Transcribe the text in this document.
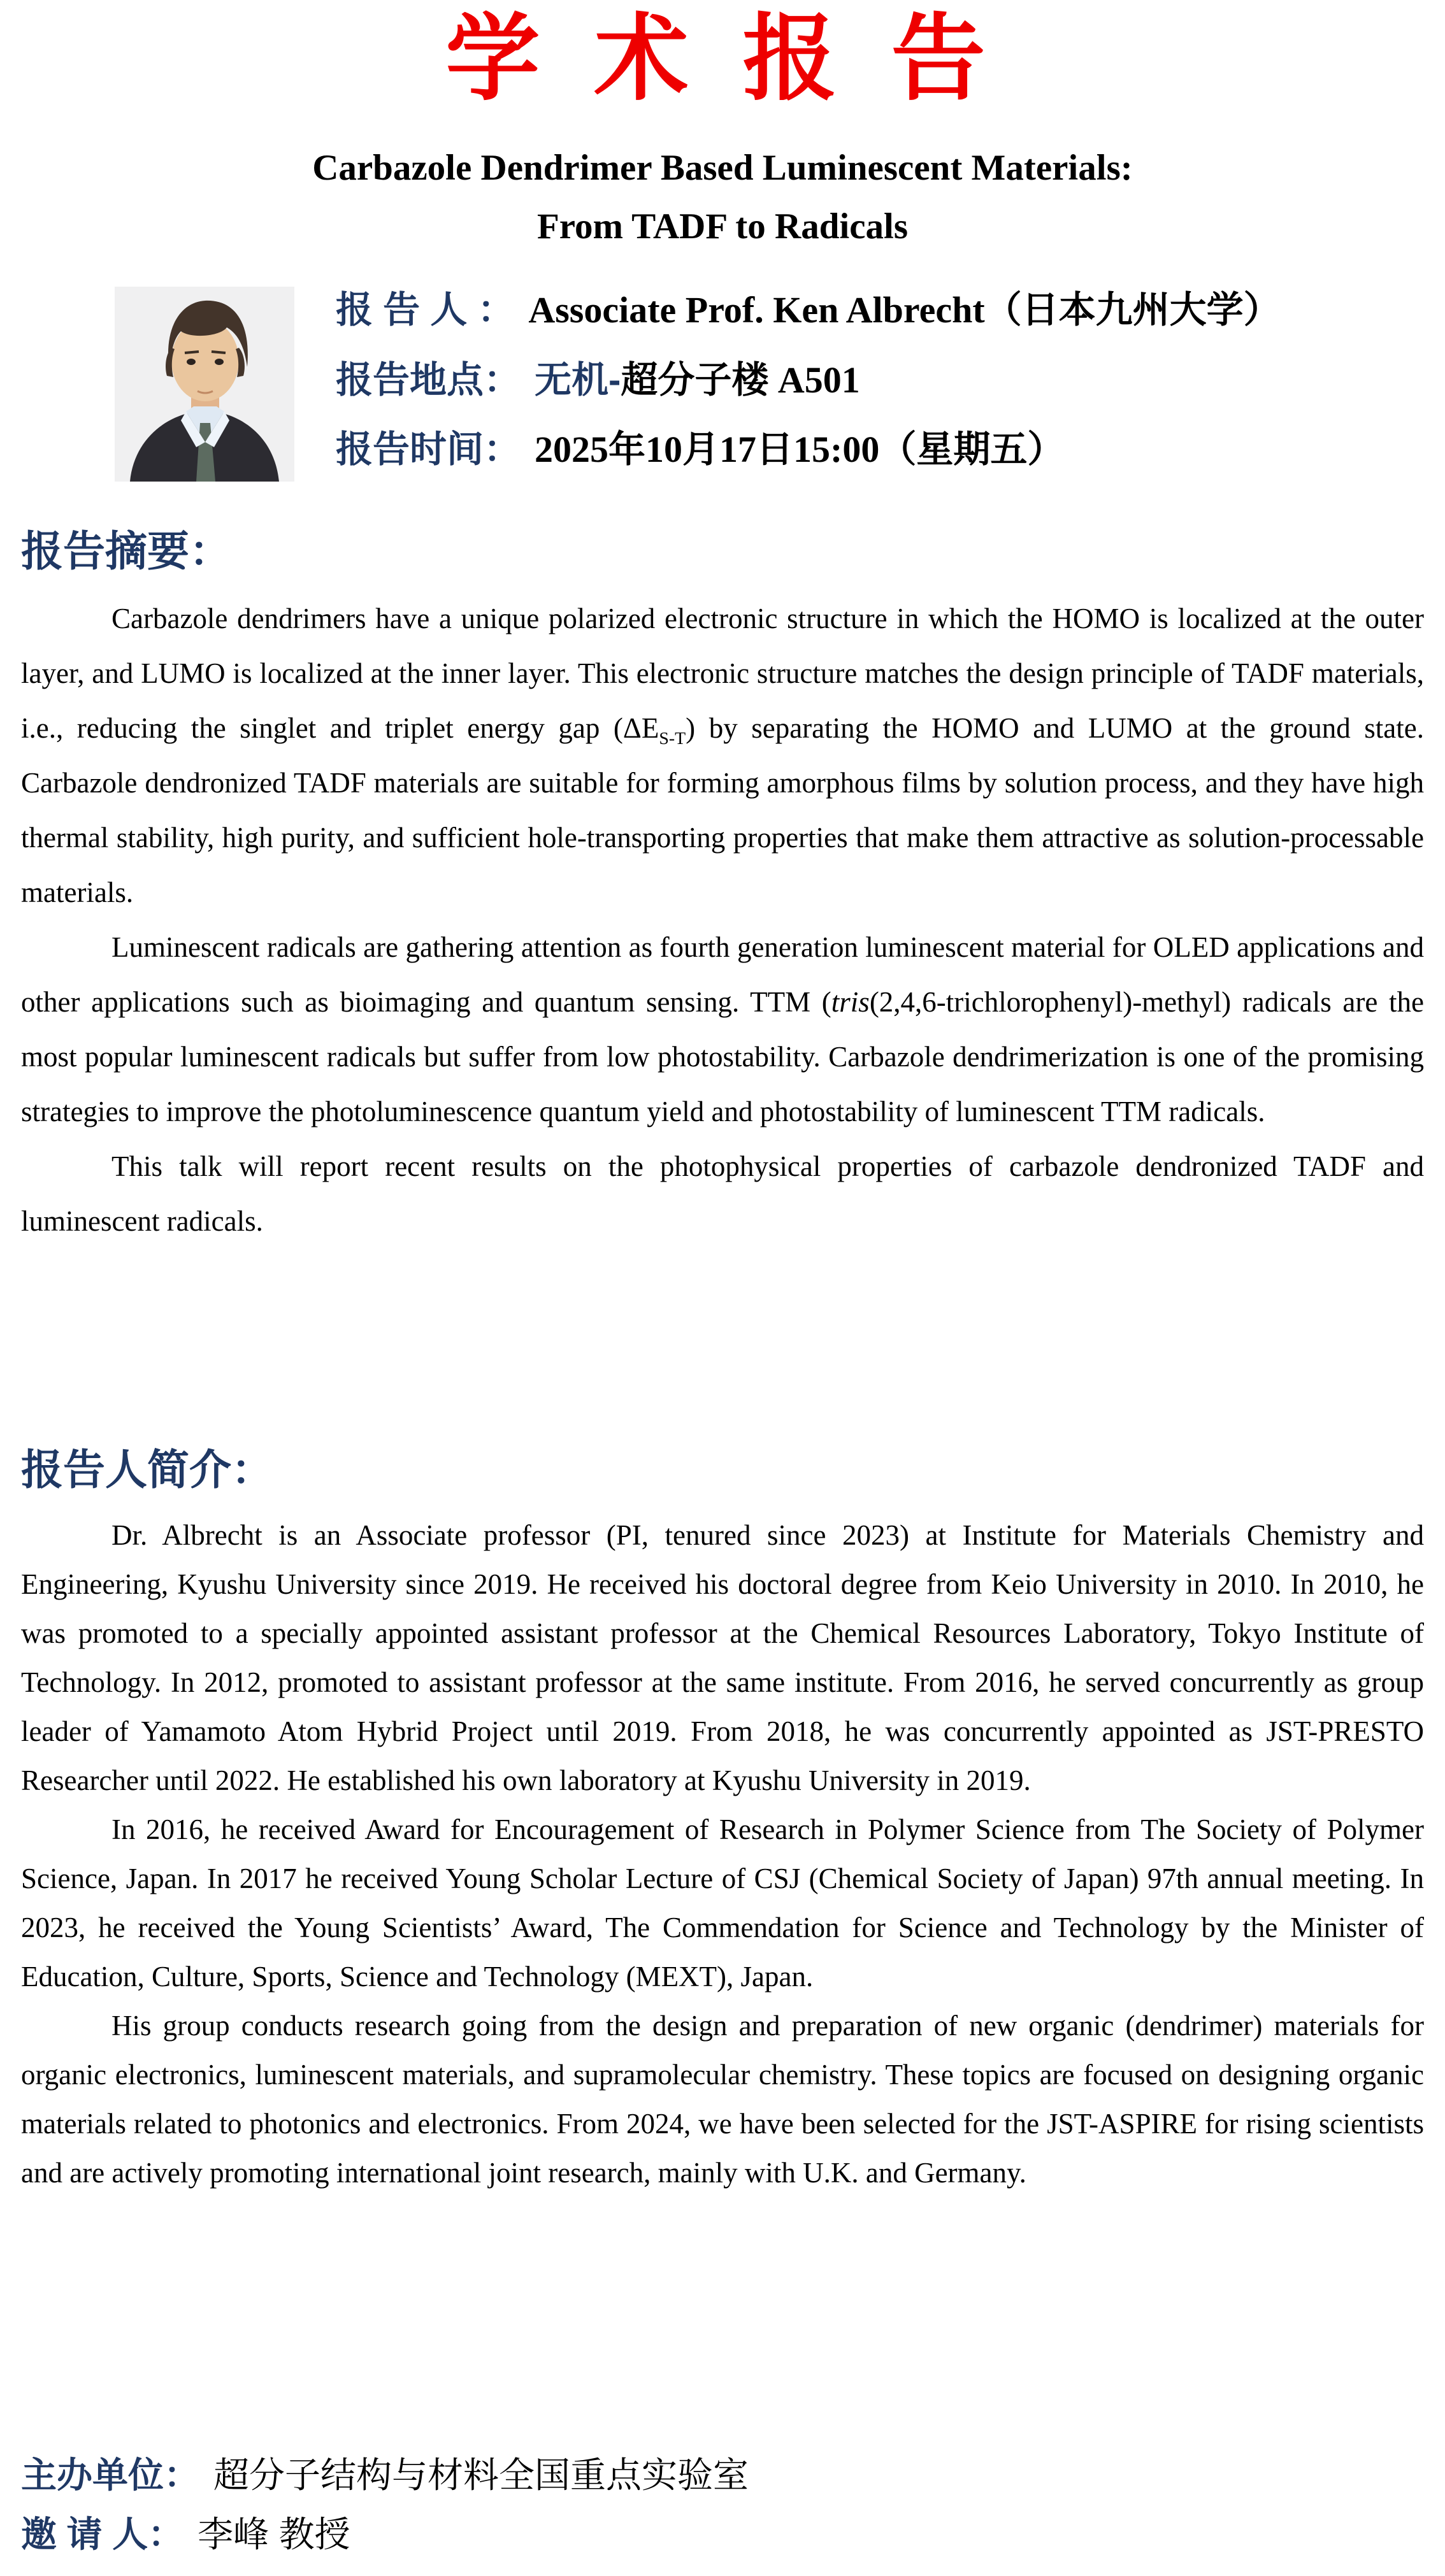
学 术 报 告
Carbazole Dendrimer Based Luminescent Materials:
From TADF to Radicals
报 告 人 ： Associate Prof. Ken Albrecht（日本九州大学）
报告地点： 无机- 超分子楼 A501
报告时间： 2025年10月17日15:00（星期五）
报告摘要：

Carbazole dendrimers have a unique polarized electronic structure in which the HOMO is localized at the outer layer, and LUMO is localized at the inner layer. This electronic structure matches the design principle of TADF materials, i.e., reducing the singlet and triplet energy gap $(\Delta E_{S-T})$ by separating the HOMO and LUMO at the ground state. Carbazole dendronized TADF materials are suitable for forming amorphous films by solution process, and they have high thermal stability, high purity, and sufficient hole-transporting properties that make them attractive as solution-processable materials.

Luminescent radicals are gathering attention as fourth generation luminescent material for OLED applications and other applications such as bioimaging and quantum sensing. TTM (tris(2,4,6-trichlorophenyl)-methyl) radicals are the most popular luminescent radicals but suffer from low photostability. Carbazole dendrimerization is one of the promising strategies to improve the photoluminescence quantum yield and photostability of luminescent TTM radicals.

This talk will report recent results on the photophysical properties of carbazole dendronized TADF and luminescent radicals.

报告人简介：

Dr. Albrecht is an Associate professor (PI, tenured since 2023) at Institute for Materials Chemistry and Engineering, Kyushu University since 2019. He received his doctoral degree from Keio University in 2010. In 2010, he was promoted to a specially appointed assistant professor at the Chemical Resources Laboratory, Tokyo Institute of Technology. In 2012, promoted to assistant professor at the same institute. From 2016, he served concurrently as group leader of Yamamoto Atom Hybrid Project until 2019. From 2018, he was concurrently appointed as JST-PRESTO Researcher until 2022. He established his own laboratory at Kyushu University in 2019.

In 2016, he received Award for Encouragement of Research in Polymer Science from The Society of Polymer Science, Japan. In 2017 he received Young Scholar Lecture of CSJ (Chemical Society of Japan) 97th annual meeting. In 2023, he received the Young Scientists’ Award, The Commendation for Science and Technology by the Minister of Education, Culture, Sports, Science and Technology (MEXT), Japan.

His group conducts research going from the design and preparation of new organic (dendrimer) materials for organic electronics, luminescent materials, and supramolecular chemistry. These topics are focused on designing organic materials related to photonics and electronics. From 2024, we have been selected for the JST-ASPIRE for rising scientists and are actively promoting international joint research, mainly with U.K. and Germany.

主办单位： 超分子结构与材料全国重点实验室
邀 请 人： 李峰 教授
